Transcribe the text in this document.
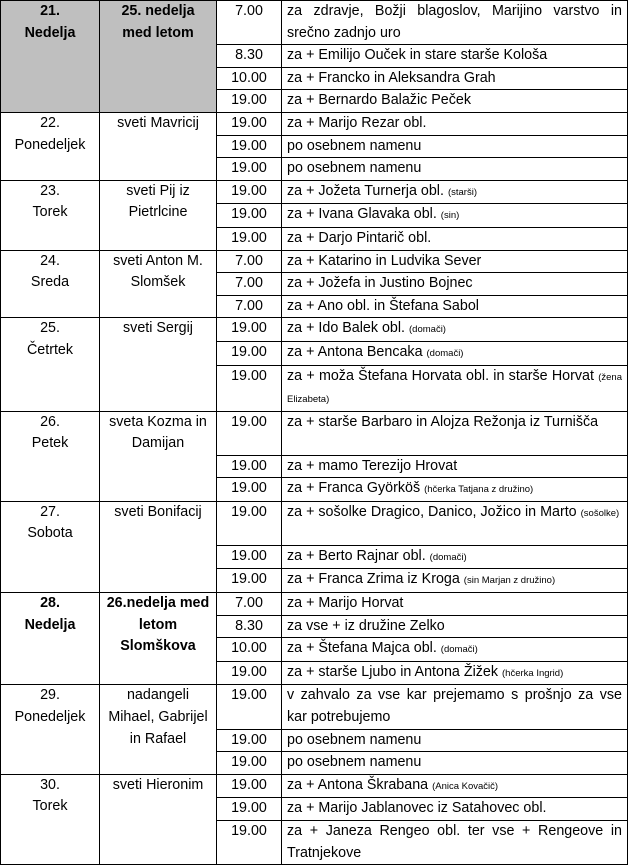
21.
Nedelja	25. nedelja med letom	7.00	za zdravje, Božji blagoslov, Marijino varstvo in srečno zadnjo uro
		8.30	za + Emilijo Ouček in stare starše Kološa
		10.00	za + Francko in Aleksandra Grah
		19.00	za + Bernardo Balažic Peček

22.
Ponedeljek	sveti Mavricij	19.00	za + Marijo Rezar obl.
		19.00	po osebnem namenu
		19.00	po osebnem namenu

23.
Torek	sveti Pij iz Pietrlcine	19.00	za + Jožeta Turnerja obl. (starši)
		19.00	za + Ivana Glavaka obl. (sin)
		19.00	za + Darjo Pintarič obl.

24.
Sreda	sveti Anton M. Slomšek	7.00	za + Katarino in Ludvika Sever
		7.00	za + Jožefa in Justino Bojnec
		7.00	za + Ano obl. in Štefana Sabol

25.
Četrtek	sveti Sergij	19.00	za + Ido Balek obl. (domači)
		19.00	za + Antona Bencaka (domači)
		19.00	za + moža Štefana Horvata obl. in starše Horvat (žena Elizabeta)

26.
Petek	sveta Kozma in Damijan	19.00	za + starše Barbaro in Alojza Režonja iz Turnišča
		19.00	za + mamo Terezijo Hrovat
		19.00	za + Franca Györköš (hčerka Tatjana z družino)

27.
Sobota	sveti Bonifacij	19.00	za + sošolke Dragico, Danico, Jožico in Marto (sošolke)
		19.00	za + Berto Rajnar obl. (domači)
		19.00	za + Franca Zrima iz Kroga (sin Marjan z družino)

28.
Nedelja	26.nedelja med letom Slomškova	7.00	za + Marijo Horvat
		8.30	za vse + iz družine Zelko
		10.00	za + Štefana Majca obl. (domači)
		19.00	za + starše Ljubo in Antona Žižek (hčerka Ingrid)

29.
Ponedeljek	nadangeli Mihael, Gabrijel in Rafael	19.00	v zahvalo za vse kar prejemamo s prošnjo za vse kar potrebujemo
		19.00	po osebnem namenu
		19.00	po osebnem namenu

30.
Torek	sveti Hieronim	19.00	za + Antona Škrabana (Anica Kovačič)
		19.00	za + Marijo Jablanovec iz Satahovec obl.
		19.00	za + Janeza Rengeo obl. ter vse + Rengeove in Tratnjekove
